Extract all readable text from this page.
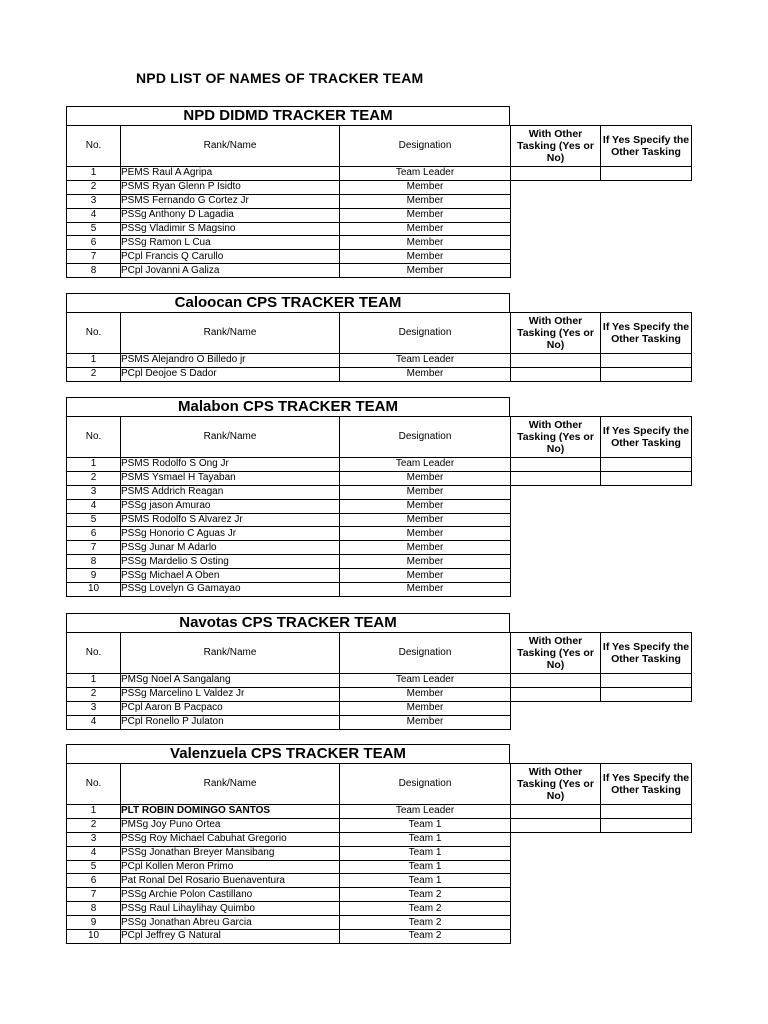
NPD LIST OF NAMES OF TRACKER TEAM
NPD DIDMD TRACKER TEAM
No.	Rank/Name	Designation	With Other Tasking (Yes or No)	If Yes Specify the Other Tasking
1	PEMS Raul A Agripa	Team Leader		
2	PSMS Ryan Glenn P Isidto	Member		
3	PSMS Fernando G Cortez Jr	Member		
4	PSSg Anthony D Lagadia	Member		
5	PSSg Vladimir S Magsino	Member		
6	PSSg Ramon L Cua	Member		
7	PCpl Francis Q Carullo	Member		
8	PCpl Jovanni A Galiza	Member		
Caloocan CPS TRACKER TEAM
No.	Rank/Name	Designation	With Other Tasking (Yes or No)	If Yes Specify the Other Tasking
1	PSMS Alejandro O Billedo jr	Team Leader		
2	PCpl Deojoe S Dador	Member		
Malabon CPS TRACKER TEAM
No.	Rank/Name	Designation	With Other Tasking (Yes or No)	If Yes Specify the Other Tasking
1	PSMS Rodolfo S Ong Jr	Team Leader		
2	PSMS Ysmael H Tayaban	Member		
3	PSMS Addrich Reagan	Member		
4	PSSg jason Amurao	Member		
5	PSMS Rodolfo S Alvarez Jr	Member		
6	PSSg Honorio C Aguas Jr	Member		
7	PSSg Junar M Adarlo	Member		
8	PSSg Mardelio S Osting	Member		
9	PSSg Michael A Oben	Member		
10	PSSg Lovelyn G Gamayao	Member		
Navotas CPS TRACKER TEAM
No.	Rank/Name	Designation	With Other Tasking (Yes or No)	If Yes Specify the Other Tasking
1	PMSg Noel A Sangalang	Team Leader		
2	PSSg Marcelino L Valdez Jr	Member		
3	PCpl Aaron B Pacpaco	Member		
4	PCpl Ronello P Julaton	Member		
Valenzuela CPS TRACKER TEAM
No.	Rank/Name	Designation	With Other Tasking (Yes or No)	If Yes Specify the Other Tasking
1	PLT ROBIN DOMINGO SANTOS	Team Leader		
2	PMSg Joy Puno Ortea	Team 1		
3	PSSg Roy Michael Cabuhat Gregorio	Team 1		
4	PSSg Jonathan Breyer Mansibang	Team 1		
5	PCpl Kollen Meron Primo	Team 1		
6	Pat Ronal Del Rosario Buenaventura	Team 1		
7	PSSg Archie Polon Castillano	Team 2		
8	PSSg Raul Lihaylihay Quimbo	Team 2		
9	PSSg Jonathan Abreu Garcia	Team 2		
10	PCpl Jeffrey G Natural	Team 2		
